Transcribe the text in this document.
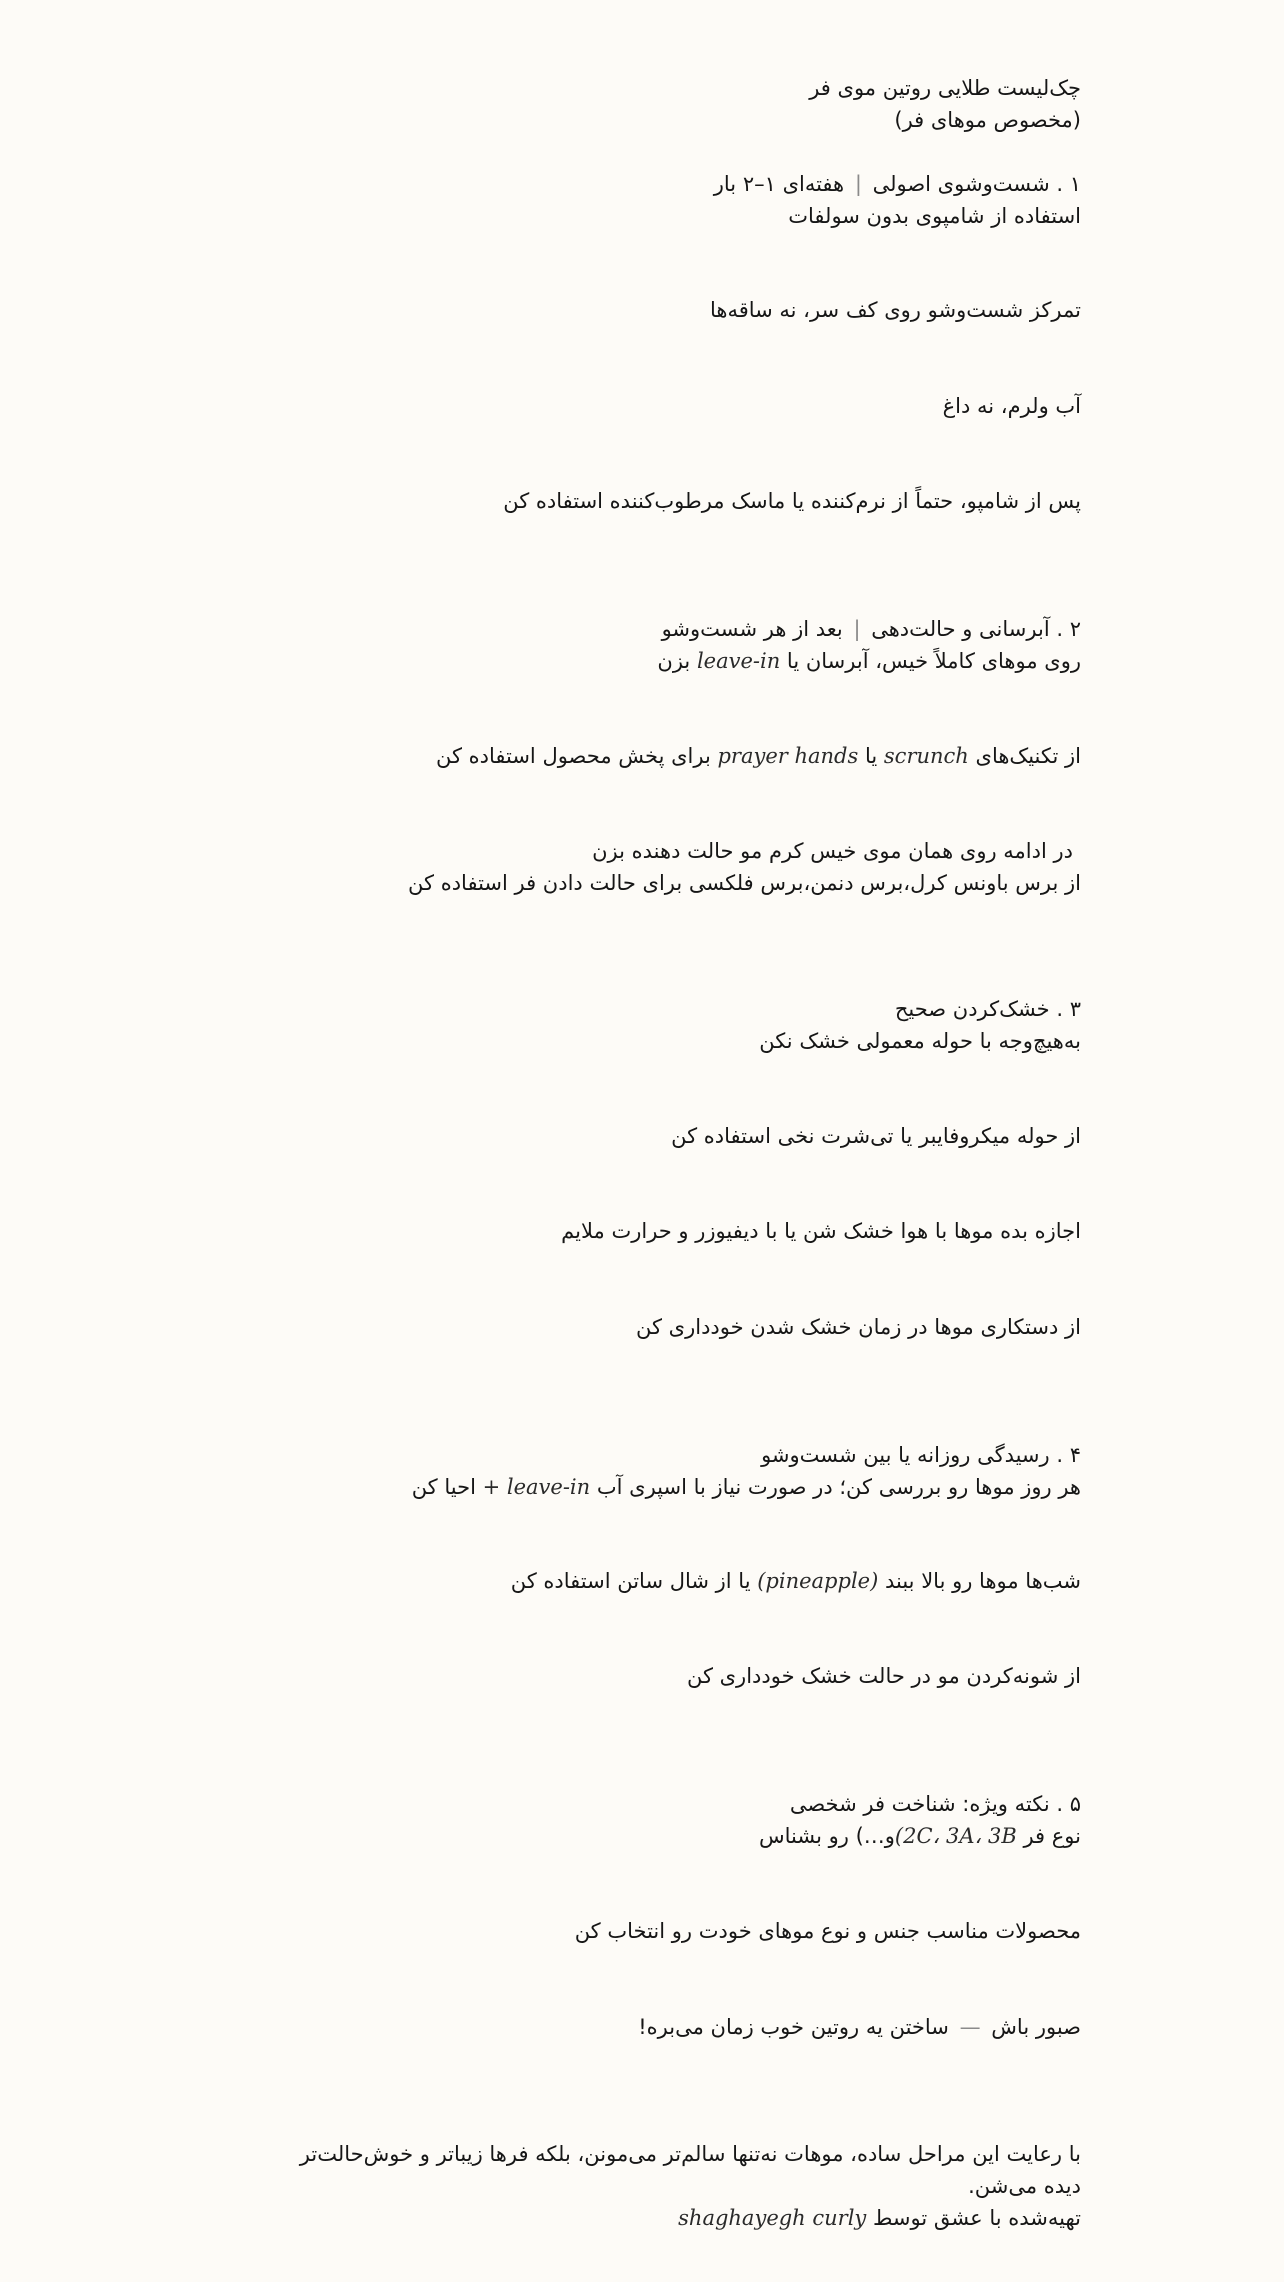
چک‌لیست طلایی روتین موی فر
(مخصوص موهای فر)
۱ . شست‌وشوی اصولی | هفته‌ای ۱–۲ بار
استفاده از شامپوی بدون سولفات
تمرکز شست‌وشو روی کف سر، نه ساقه‌ها
آب ولرم، نه داغ
پس از شامپو، حتماً از نرم‌کننده یا ماسک مرطوب‌کننده استفاده کن
۲ . آبرسانی و حالت‌دهی | بعد از هر شست‌وشو
روی موهای کاملاً خیس، آبرسان یا leave-in بزن
از تکنیک‌های scrunch یا prayer hands برای پخش محصول استفاده کن
در ادامه روی همان موی خیس کرم مو حالت دهنده بزن
از برس باونس کرل،برس دنمن،برس فلکسی برای حالت دادن فر استفاده کن
۳ . خشک‌کردن صحیح
به‌هیچ‌وجه با حوله معمولی خشک نکن
از حوله میکروفایبر یا تی‌شرت نخی استفاده کن
اجازه بده موها با هوا خشک شن یا با دیفیوزر و حرارت ملایم
از دستکاری موها در زمان خشک شدن خودداری کن
۴ . رسیدگی روزانه یا بین شست‌وشو
هر روز موها رو بررسی کن؛ در صورت نیاز با اسپری آب + leave-in احیا کن
شب‌ها موها رو بالا ببند (pineapple) یا از شال ساتن استفاده کن
از شونه‌کردن مو در حالت خشک خودداری کن
۵ . نکته ویژه: شناخت فر شخصی
نوع فر (2C، 3A، 3Bو…) رو بشناس
محصولات مناسب جنس و نوع موهای خودت رو انتخاب کن
صبور باش — ساختن یه روتین خوب زمان می‌بره!
با رعایت این مراحل ساده، موهات نه‌تنها سالم‌تر می‌مونن، بلکه فرها زیباتر و خوش‌حالت‌تر
دیده می‌شن.
تهیه‌شده با عشق توسط shaghayegh curly
